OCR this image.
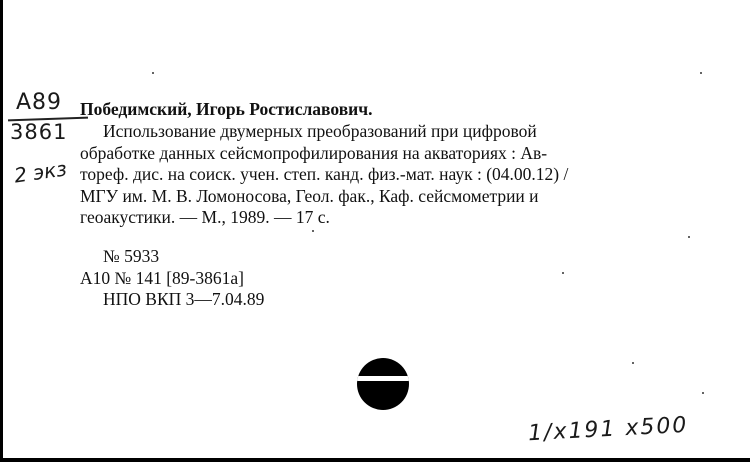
A89
3861
2 экз
Победимский, Игорь Ростиславович.
Использование двумерных преобразований при цифровой
обработке данных сейсмопрофилирования на акваториях : Ав-
тореф. дис. на соиск. учен. степ. канд. физ.-мат. наук : (04.00.12) /
МГУ им. М. В. Ломоносова, Геол. фак., Каф. сейсмометрии и
геоакустики. — М., 1989. — 17 с.
№ 5933
А10 № 141 [89-3861а]
НПО ВКП 3—7.04.89
1/x191 x500
